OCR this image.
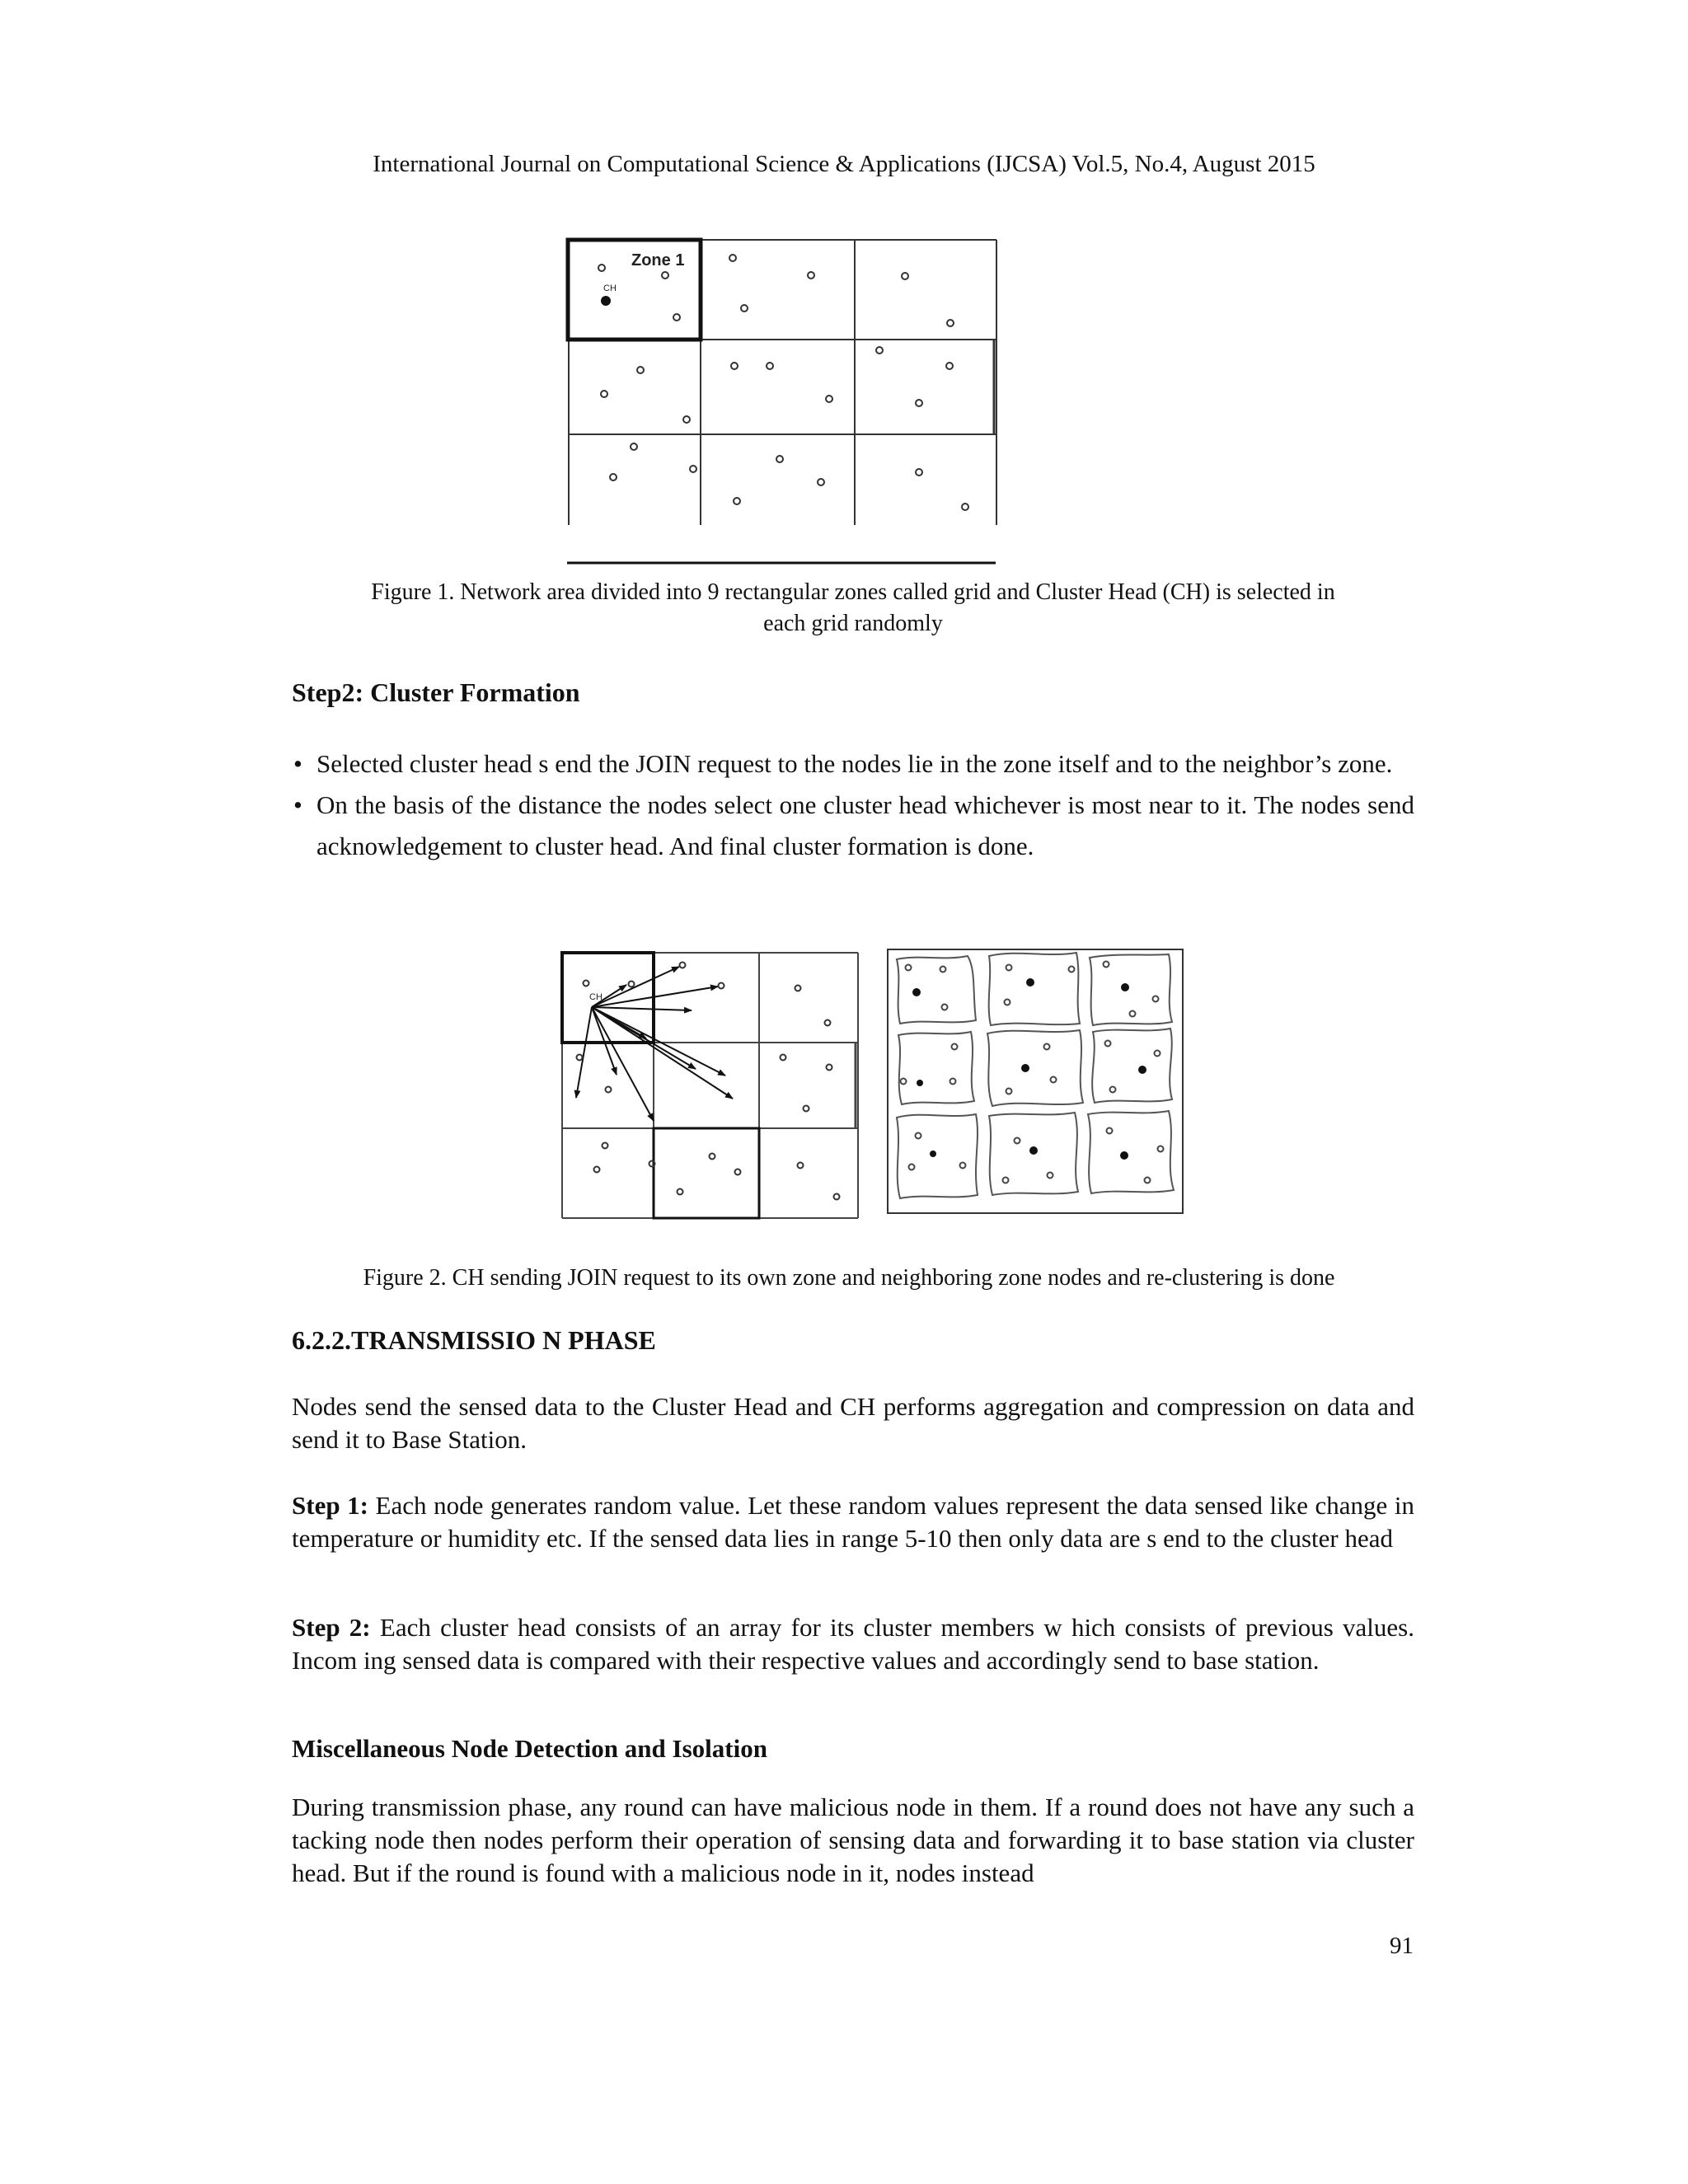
International Journal on Computational Science & Applications (IJCSA) Vol.5, No.4, August 2015
Zone 1
CH
Figure 1. Network area divided into 9 rectangular zones called grid and Cluster Head (CH) is selected in
each grid randomly
Step2: Cluster Formation
• Selected cluster head s end the JOIN request to the nodes lie in the zone itself and to the neighbor’s zone.
• On the basis of the distance the nodes select one cluster head whichever is most near to it. The nodes send acknowledgement to cluster head. And final cluster formation is done.
CH
Figure 2. CH sending JOIN request to its own zone and neighboring zone nodes and re-clustering is done
6.2.2.TRANSMISSIO N PHASE
Nodes send the sensed data to the Cluster Head and CH performs aggregation and compression on data and send it to Base Station.
Step 1: Each node generates random value. Let these random values represent the data sensed like change in temperature or humidity etc. If the sensed data lies in range 5-10 then only data are s end to the cluster head
Step 2: Each cluster head consists of an array for its cluster members w hich consists of previous values. Incom ing sensed data is compared with their respective values and accordingly send to base station.
Miscellaneous Node Detection and Isolation
During transmission phase, any round can have malicious node in them. If a round does not have any such a tacking node then nodes perform their operation of sensing data and forwarding it to base station via cluster head. But if the round is found with a malicious node in it, nodes instead
91
